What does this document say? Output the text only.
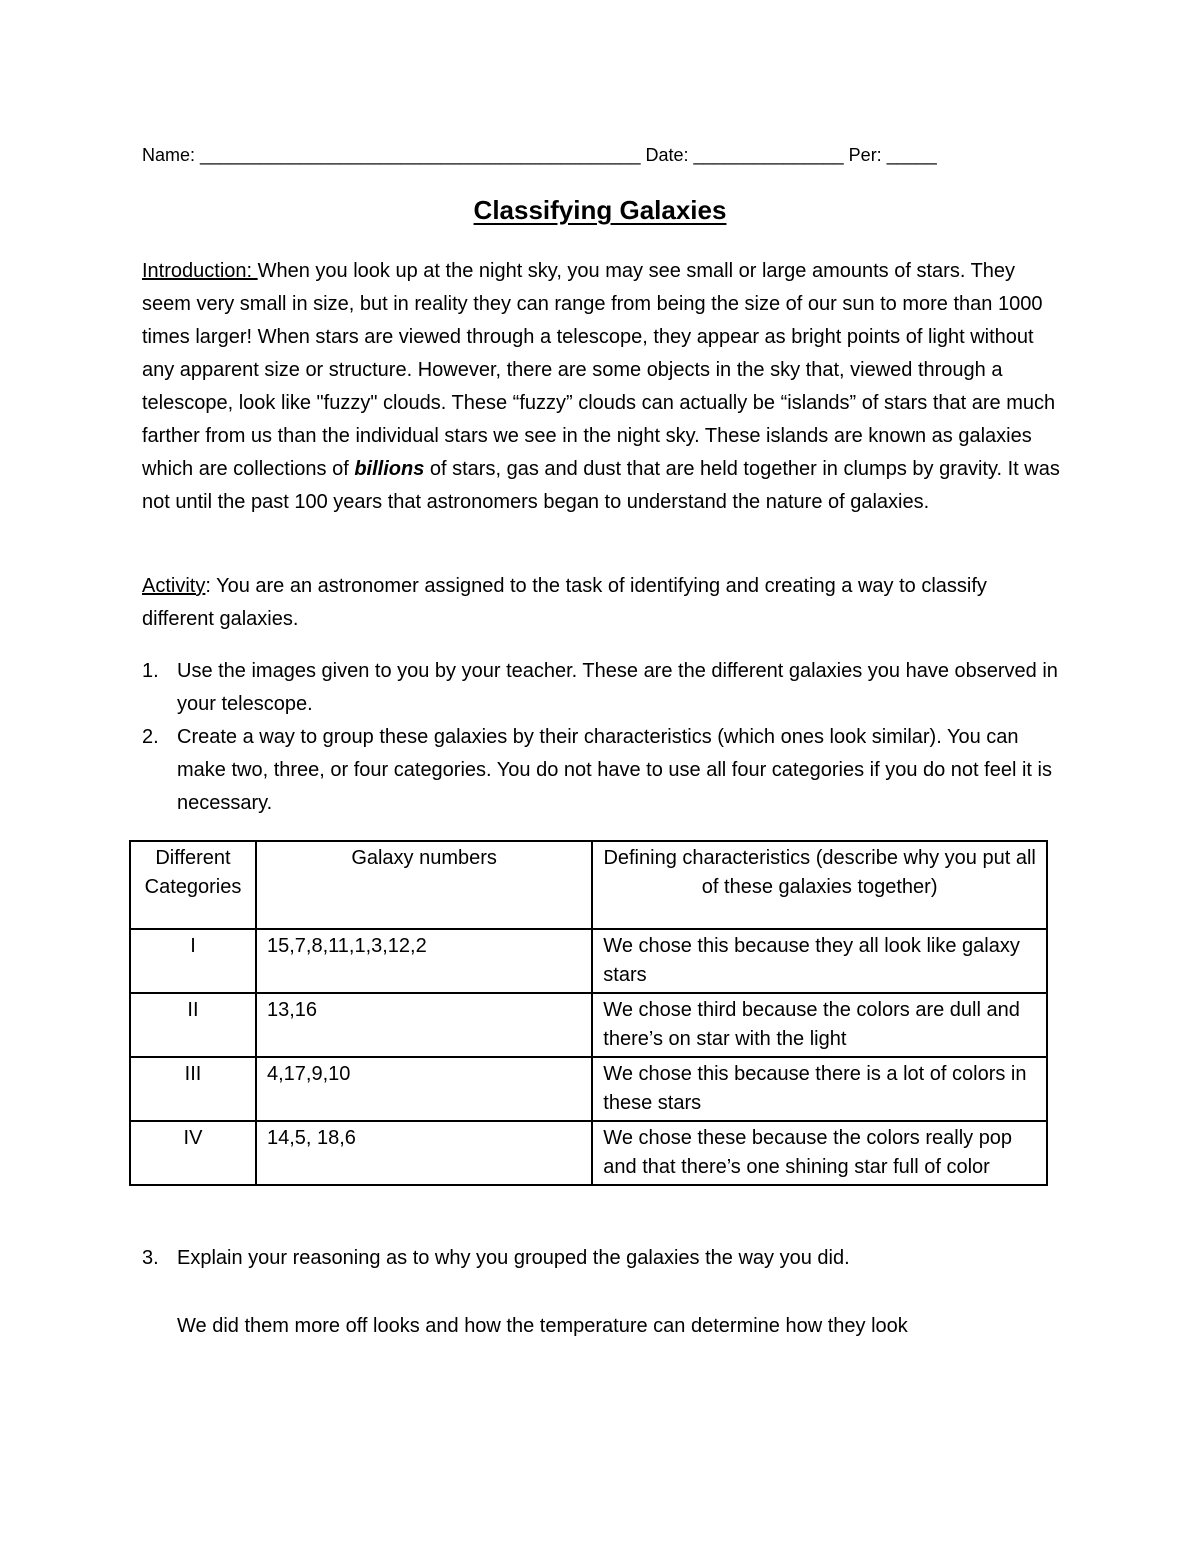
Name: ____________________________________________ Date: _______________ Per: _____
Classifying Galaxies
Introduction: When you look up at the night sky, you may see small or large amounts of stars. They seem very small in size, but in reality they can range from being the size of our sun to more than 1000 times larger! When stars are viewed through a telescope, they appear as bright points of light without any apparent size or structure. However, there are some objects in the sky that, viewed through a telescope, look like "fuzzy" clouds. These “fuzzy” clouds can actually be “islands” of stars that are much farther from us than the individual stars we see in the night sky. These islands are known as galaxies which are collections of billions of stars, gas and dust that are held together in clumps by gravity. It was not until the past 100 years that astronomers began to understand the nature of galaxies.
Activity: You are an astronomer assigned to the task of identifying and creating a way to classify different galaxies.
1. Use the images given to you by your teacher. These are the different galaxies you have observed in your telescope.
2. Create a way to group these galaxies by their characteristics (which ones look similar). You can make two, three, or four categories. You do not have to use all four categories if you do not feel it is necessary.
Different Categories	Galaxy numbers	Defining characteristics (describe why you put all of these galaxies together)
I	15,7,8,11,1,3,12,2	We chose this because they all look like galaxy stars
II	13,16	We chose third because the colors are dull and there’s on star with the light
III	4,17,9,10	We chose this because there is a lot of colors in these stars
IV	14,5, 18,6	We chose these because the colors really pop and that there’s one shining star full of color
3. Explain your reasoning as to why you grouped the galaxies the way you did.
We did them more off looks and how the temperature can determine how they look
